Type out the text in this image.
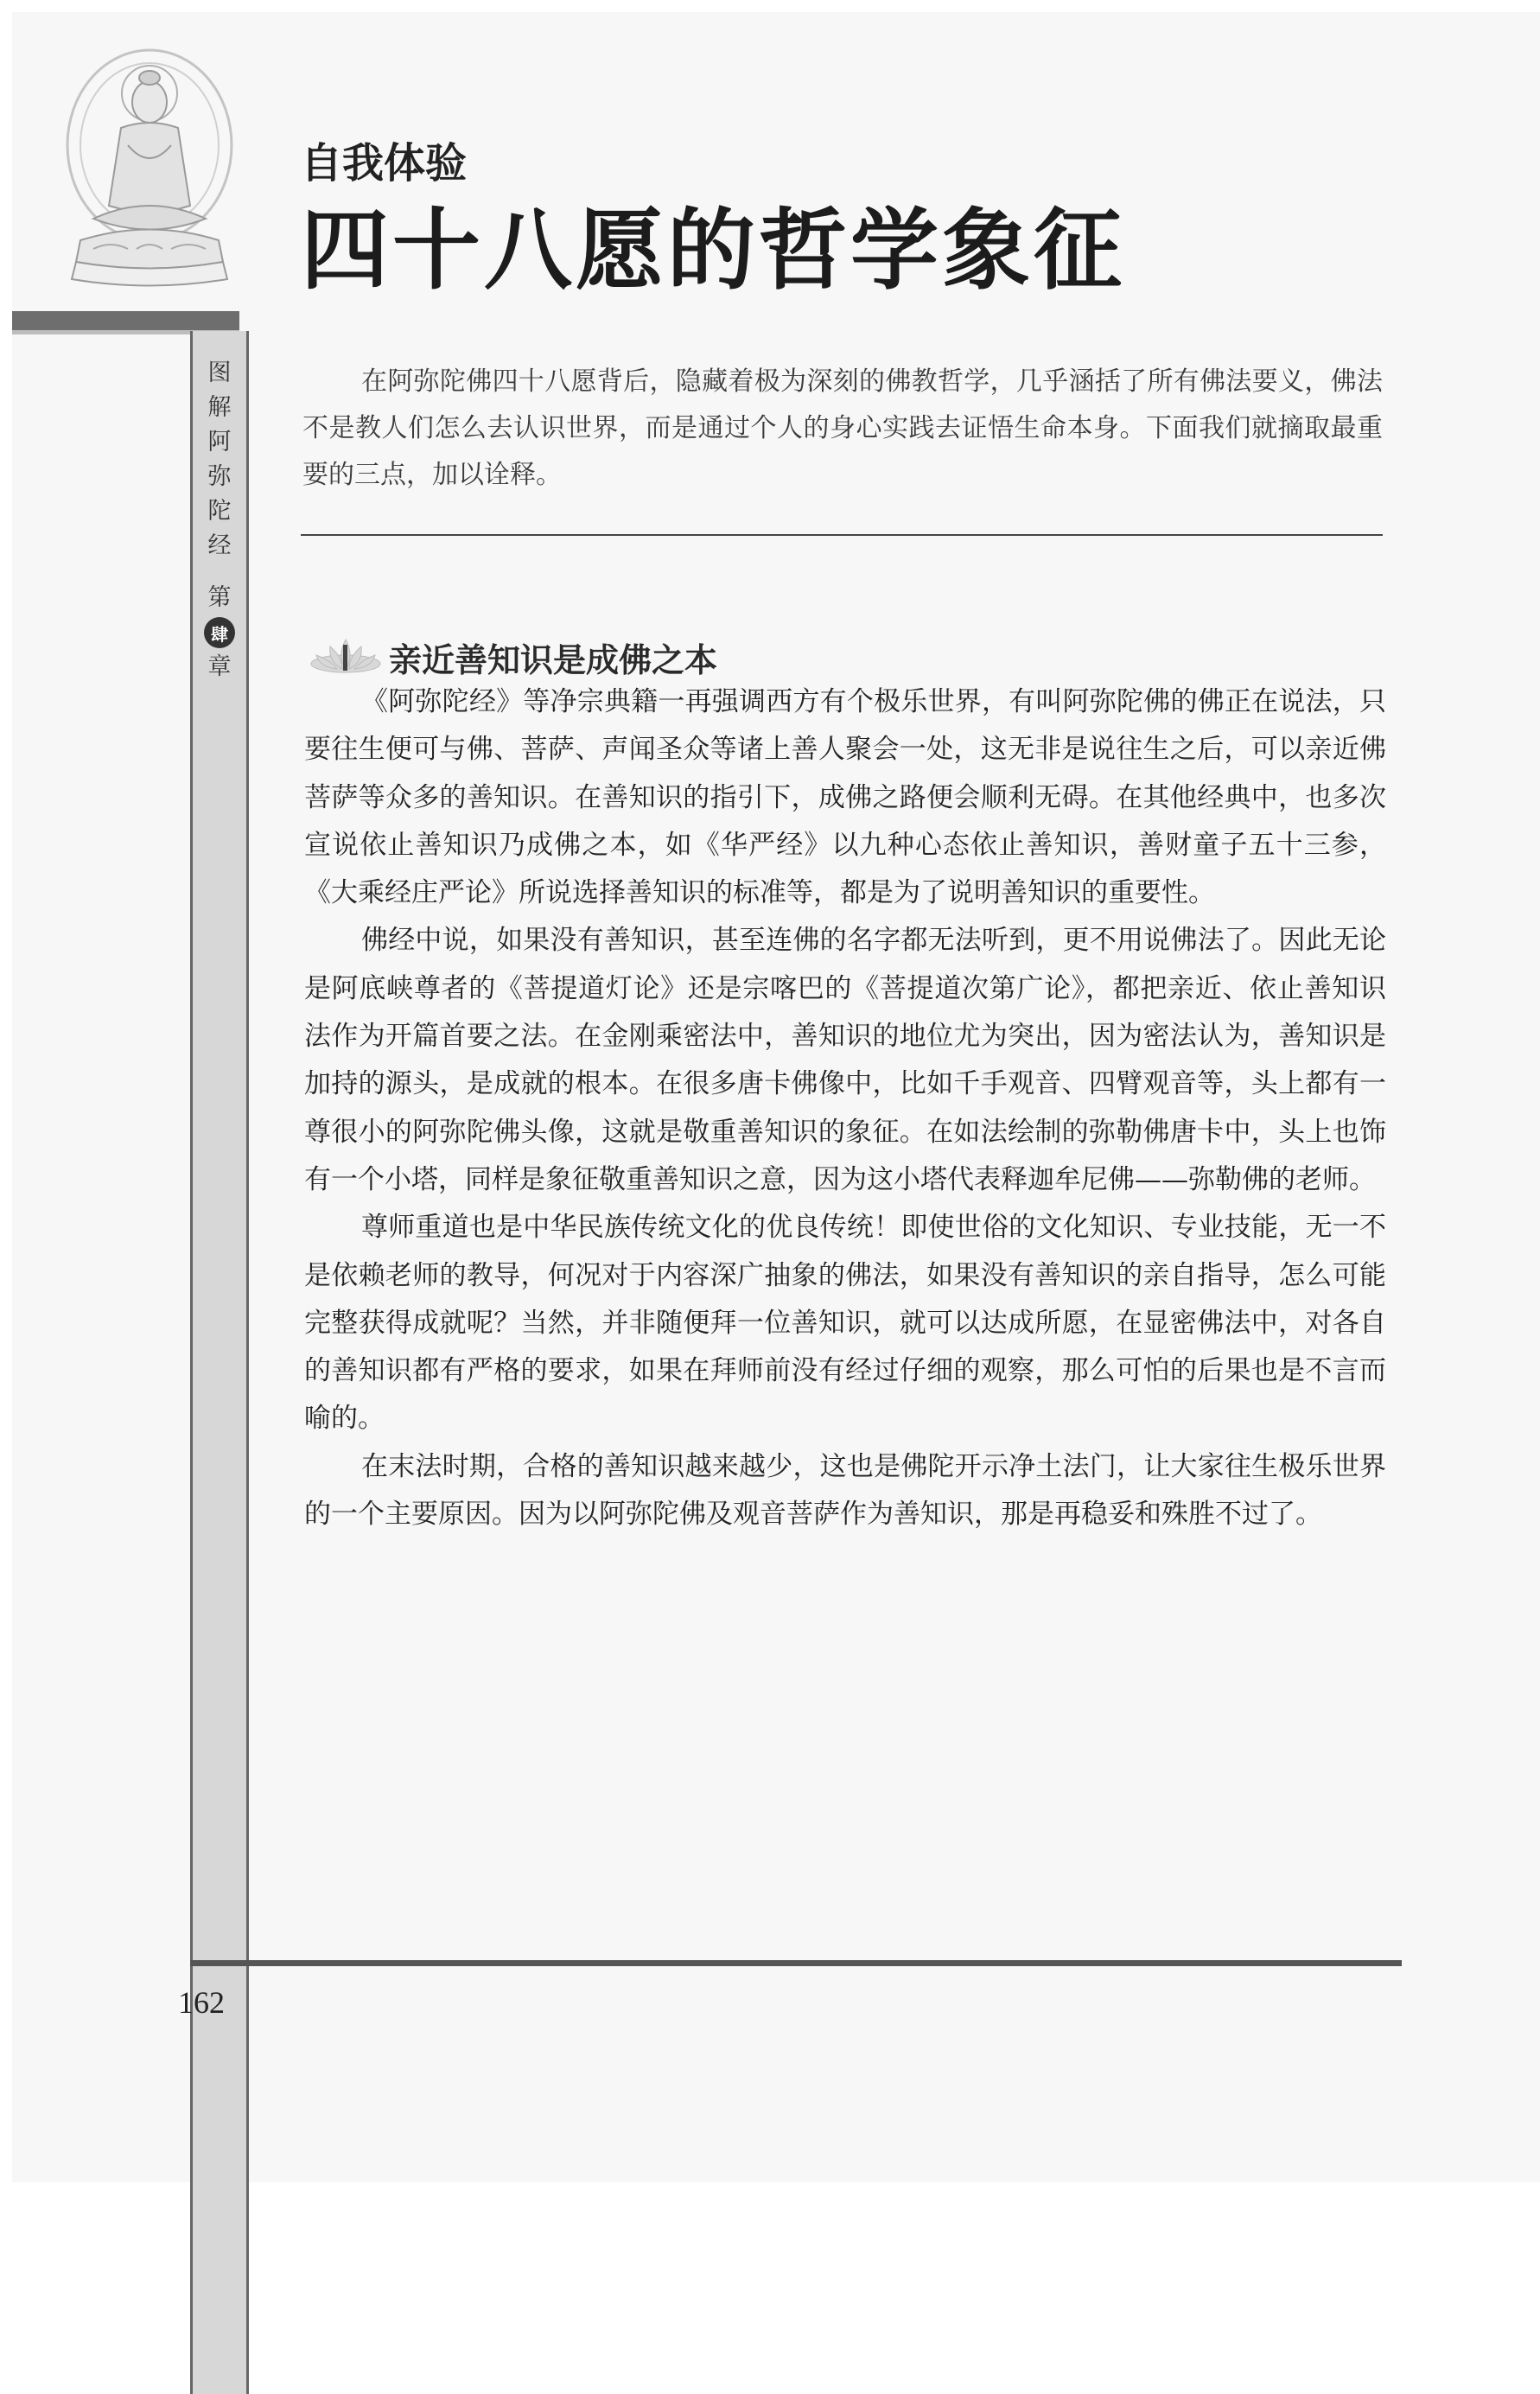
图
解
阿
弥
陀
经
第
肆
章
自我体验
四十八愿的哲学象征

在阿弥陀佛四十八愿背后，隐藏着极为深刻的佛教哲学，几乎涵括了所有佛法要义，佛法不是教人们怎么去认识世界，而是通过个人的身心实践去证悟生命本身。下面我们就摘取最重要的三点，加以诠释。

亲近善知识是成佛之本

《阿弥陀经》等净宗典籍一再强调西方有个极乐世界，有叫阿弥陀佛的佛正在说法，只要往生便可与佛、菩萨、声闻圣众等诸上善人聚会一处，这无非是说往生之后，可以亲近佛菩萨等众多的善知识。在善知识的指引下，成佛之路便会顺利无碍。在其他经典中，也多次宣说依止善知识乃成佛之本，如《华严经》以九种心态依止善知识，善财童子五十三参，《大乘经庄严论》所说选择善知识的标准等，都是为了说明善知识的重要性。

佛经中说，如果没有善知识，甚至连佛的名字都无法听到，更不用说佛法了。因此无论是阿底峡尊者的《菩提道灯论》还是宗喀巴的《菩提道次第广论》，都把亲近、依止善知识法作为开篇首要之法。在金刚乘密法中，善知识的地位尤为突出，因为密法认为，善知识是加持的源头，是成就的根本。在很多唐卡佛像中，比如千手观音、四臂观音等，头上都有一尊很小的阿弥陀佛头像，这就是敬重善知识的象征。在如法绘制的弥勒佛唐卡中，头上也饰有一个小塔，同样是象征敬重善知识之意，因为这小塔代表释迦牟尼佛——弥勒佛的老师。

尊师重道也是中华民族传统文化的优良传统！即使世俗的文化知识、专业技能，无一不是依赖老师的教导，何况对于内容深广抽象的佛法，如果没有善知识的亲自指导，怎么可能完整获得成就呢？当然，并非随便拜一位善知识，就可以达成所愿，在显密佛法中，对各自的善知识都有严格的要求，如果在拜师前没有经过仔细的观察，那么可怕的后果也是不言而喻的。

在末法时期，合格的善知识越来越少，这也是佛陀开示净土法门，让大家往生极乐世界的一个主要原因。因为以阿弥陀佛及观音菩萨作为善知识，那是再稳妥和殊胜不过了。

162
